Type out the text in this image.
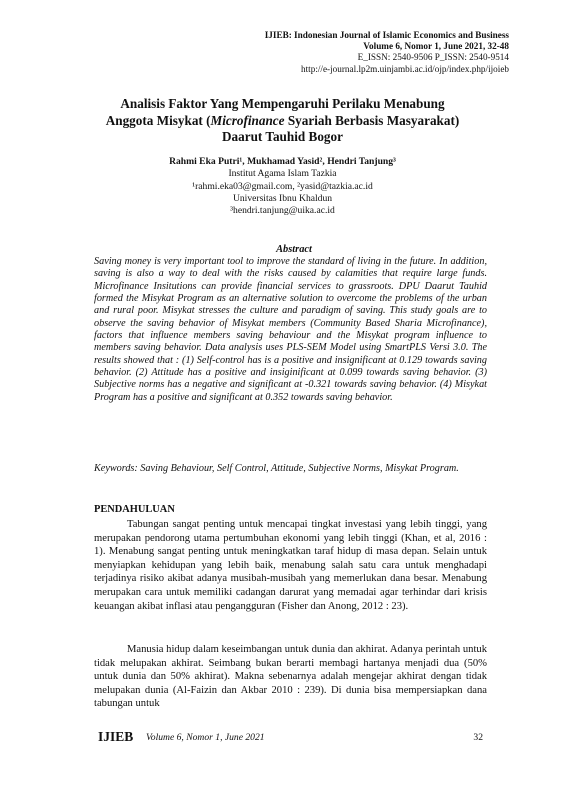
IJIEB: Indonesian Journal of Islamic Economics and Business
Volume 6, Nomor 1, June 2021, 32-48
E_ISSN: 2540-9506 P_ISSN: 2540-9514
http://e-journal.lp2m.uinjambi.ac.id/ojp/index.php/ijoieb
Analisis Faktor Yang Mempengaruhi Perilaku Menabung
Anggota Misykat (Microfinance Syariah Berbasis Masyarakat)
Daarut Tauhid Bogor
Rahmi Eka Putri¹, Mukhamad Yasid², Hendri Tanjung³
Institut Agama Islam Tazkia
¹rahmi.eka03@gmail.com, ²yasid@tazkia.ac.id
Universitas Ibnu Khaldun
³hendri.tanjung@uika.ac.id
Abstract
Saving money is very important tool to improve the standard of living in the future. In addition, saving is also a way to deal with the risks caused by calamities that require large funds. Microfinance Insitutions can provide financial services to grassroots. DPU Daarut Tauhid formed the Misykat Program as an alternative solution to overcome the problems of the urban and rural poor. Misykat stresses the culture and paradigm of saving. This study goals are to observe the saving behavior of Misykat members (Community Based Sharia Microfinance), factors that influence members saving behaviour and the Misykat program influence to members saving behavior. Data analysis uses PLS-SEM Model using SmartPLS Versi 3.0. The results showed that : (1) Self-control has is a positive and insignificant at 0.129 towards saving behavior. (2) Attitude has a positive and insiginificant at 0.099 towards saving behavior. (3) Subjective norms has a negative and significant at -0.321 towards saving behavior. (4) Misykat Program has a positive and significant at 0.352 towards saving behavior.
Keywords: Saving Behaviour, Self Control, Attitude, Subjective Norms, Misykat Program.
PENDAHULUAN
Tabungan sangat penting untuk mencapai tingkat investasi yang lebih tinggi, yang merupakan pendorong utama pertumbuhan ekonomi yang lebih tinggi (Khan, et al, 2016 : 1). Menabung sangat penting untuk meningkatkan taraf hidup di masa depan. Selain untuk menyiapkan kehidupan yang lebih baik, menabung salah satu cara untuk menghadapi terjadinya risiko akibat adanya musibah-musibah yang memerlukan dana besar. Menabung merupakan cara untuk memiliki cadangan darurat yang memadai agar terhindar dari krisis keuangan akibat inflasi atau pengangguran (Fisher dan Anong, 2012 : 23).
Manusia hidup dalam keseimbangan untuk dunia dan akhirat. Adanya perintah untuk tidak melupakan akhirat. Seimbang bukan berarti membagi hartanya menjadi dua (50% untuk dunia dan 50% akhirat). Makna sebenarnya adalah mengejar akhirat dengan tidak melupakan dunia (Al-Faizin dan Akbar 2010 : 239). Di dunia bisa mempersiapkan dana tabungan untuk
IJIEB Volume 6, Nomor 1, June 2021	32
